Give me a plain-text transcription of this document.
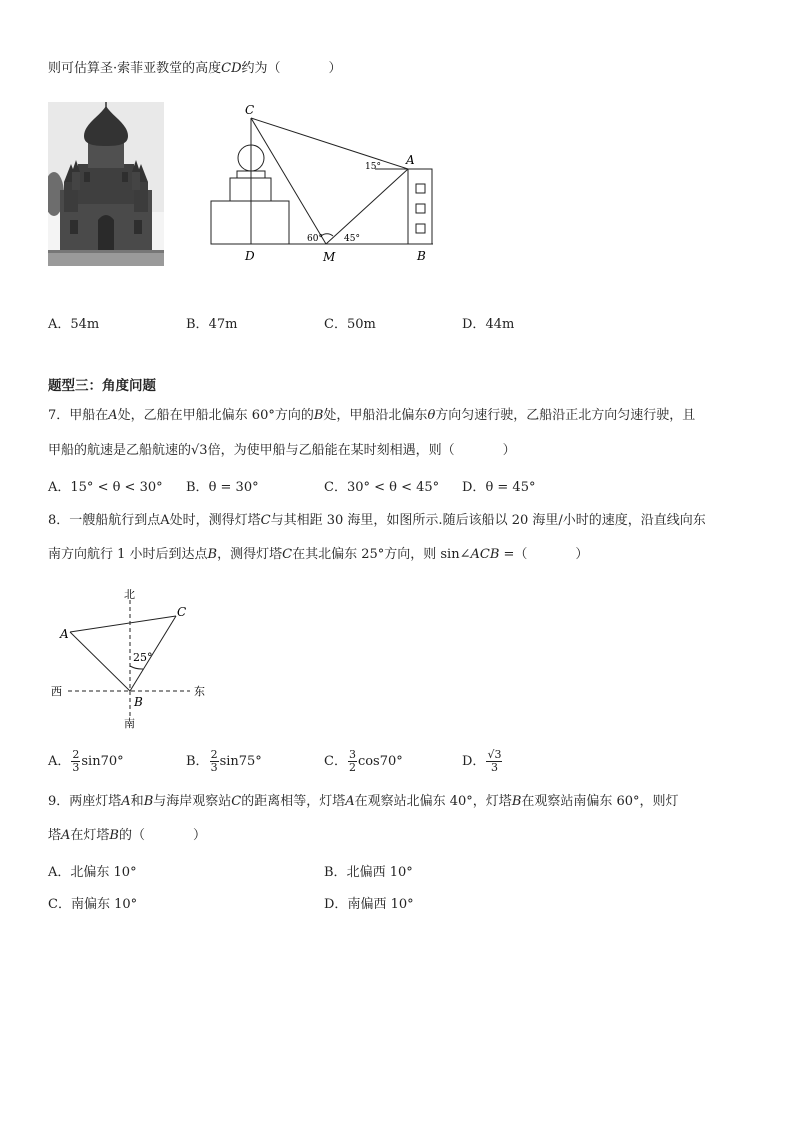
则可估算圣·索菲亚教堂的高度CD约为（	）
C
A
D	M	B
15°
60° 45°
A．54m	B．47m	C．50m	D．44m
题型三：角度问题
7．甲船在A处，乙船在甲船北偏东 60°方向的B处，甲船沿北偏东θ方向匀速行驶，乙船沿正北方向匀速行驶，且
甲船的航速是乙船航速的√3倍，为使甲船与乙船能在某时刻相遇，则（	）
A．15° < θ < 30° B．θ = 30°	C．30° < θ < 45° D．θ = 45°
8．一艘船航行到点A处时，测得灯塔C与其相距 30 海里，如图所示.随后该船以 20 海里/小时的速度，沿直线向东
南方向航行 1 小时后到达点B，测得灯塔C在其北偏东 25°方向，则 sin∠ACB =（	）
北
南
西	东
A
B
C
25°
A． $\frac{2}{3} \sin 70^\circ$	B． $\frac{2}{3} \sin 75^\circ$	C． $\frac{3}{2} \cos 70^\circ$	D． $\frac{√3}{3}$
9．两座灯塔A和B与海岸观察站C的距离相等，灯塔A在观察站北偏东 40°，灯塔B在观察站南偏东 60°，则灯
塔A在灯塔B的（	）
A．北偏东 10°	B．北偏西 10°
C．南偏东 10°	D．南偏西 10°
